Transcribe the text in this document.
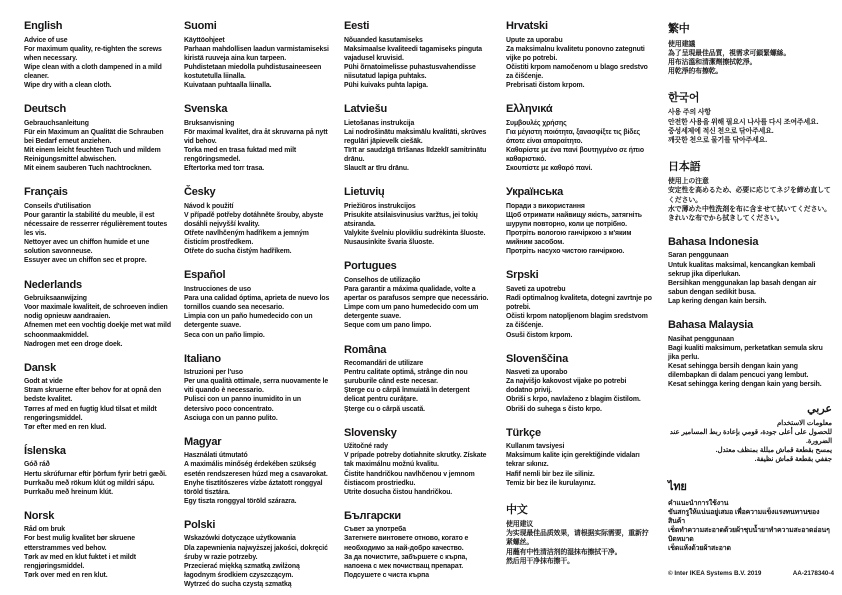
English

Advice of use

For maximum quality, re-tighten the screws when necessary.

Wipe clean with a cloth dampened in a mild cleaner.

Wipe dry with a clean cloth.

Deutsch

Gebrauchsanleitung

Für ein Maximum an Qualität die Schrauben bei Bedarf erneut anziehen.

Mit einem leicht feuchten Tuch und mildem Reinigungsmittel abwischen.

Mit einem sauberen Tuch nachtrocknen.

Français

Conseils d'utilisation

Pour garantir la stabilité du meuble, il est nécessaire de resserrer régulièrement toutes les vis.

Nettoyer avec un chiffon humide et une solution savonneuse.

Essuyer avec un chiffon sec et propre.

Nederlands

Gebruiksaanwijzing

Voor maximale kwaliteit, de schroeven indien nodig opnieuw aandraaien.

Afnemen met een vochtig doekje met wat mild schoonmaakmiddel.

Nadrogen met een droge doek.

Dansk

Godt at vide

Stram skruerne efter behov for at opnå den bedste kvalitet.

Tørres af med en fugtig klud tilsat et mildt rengøringsmiddel.

Tør efter med en ren klud.

Íslenska

Góð ráð

Hertu skrúfurnar eftir þörfum fyrir betri gæði.

Þurrkaðu með rökum klút og mildri sápu.

Þurrkaðu með hreinum klút.

Norsk

Råd om bruk

For best mulig kvalitet bør skruene etterstrammes ved behov.

Tørk av med en klut fuktet i et mildt rengjøringsmiddel.

Tørk over med en ren klut.

Suomi

Käyttöohjeet

Parhaan mahdollisen laadun varmistamiseksi kiristä ruuveja aina kun tarpeen.

Puhdistetaan miedolla puhdistusaineeseen kostutetulla liinalla.

Kuivataan puhtaalla liinalla.

Svenska

Bruksanvisning

För maximal kvalitet, dra åt skruvarna på nytt vid behov.

Torka med en trasa fuktad med milt rengöringsmedel.

Eftertorka med torr trasa.

Česky

Návod k použití

V případě potřeby dotáhněte šrouby, abyste dosáhli nejvyšší kvality.

Otřete navlhčeným hadříkem a jemným čisticím prostředkem.

Otřete do sucha čistým hadříkem.

Español

Instrucciones de uso

Para una calidad óptima, aprieta de nuevo los tornillos cuando sea necesario.

Limpia con un paño humedecido con un detergente suave.

Seca con un paño limpio.

Italiano

Istruzioni per l'uso

Per una qualità ottimale, serra nuovamente le viti quando è necessario.

Pulisci con un panno inumidito in un detersivo poco concentrato.

Asciuga con un panno pulito.

Magyar

Használati útmutató

A maximális minőség érdekében szükség esetén rendszeresen húzd meg a csavarokat.

Enyhe tisztítószeres vízbe áztatott ronggyal töröld tisztára.

Egy tiszta ronggyal töröld szárazra.

Polski

Wskazówki dotyczące użytkowania

Dla zapewnienia najwyższej jakości, dokręcić śruby w razie potrzeby.

Przecierać miękką szmatką zwilżoną łagodnym środkiem czyszczącym.

Wytrzeć do sucha czystą szmatką

Eesti

Nõuanded kasutamiseks

Maksimaalse kvaliteedi tagamiseks pinguta vajadusel kruvisid.

Pühi õrnatoimelisse puhastusvahendisse niisutatud lapiga puhtaks.

Pühi kuivaks puhta lapiga.

Latviešu

Lietošanas instrukcija

Lai nodrošinātu maksimālu kvalitāti, skrūves regulāri jāpievelk ciešāk.

Tīrīt ar saudzīgā tīrīšanas līdzeklī samitrinātu drānu.

Slaucīt ar tīru drānu.

Lietuvių

Priežiūros instrukcijos

Prisukite atsilaisvinusius varžtus, jei tokių atsiranda.

Valykite švelniu plovikliu sudrėkinta šluoste.

Nusausinkite švaria šluoste.

Portugues

Conselhos de utilização

Para garantir a máxima qualidade, volte a apertar os parafusos sempre que necessário.

Limpe com um pano humedecido com um detergente suave.

Seque com um pano limpo.

Româna

Recomandări de utilizare

Pentru calitate optimă, strânge din nou șuruburile când este necesar.

Șterge cu o cârpă înmuiată în detergent delicat pentru curățare.

Șterge cu o cârpă uscată.

Slovensky

Užitočné rady

V prípade potreby dotiahnite skrutky. Získate tak maximálnu možnú kvalitu.

Čistite handričkou navlhčenou v jemnom čistiacom prostriedku.

Utrite dosucha čistou handričkou.

Български

Съвет за употреба

Затегнете винтовете отново, когато е необходимо за най-добро качество.

За да почистите, забършете с кърпа, напоена с мек почистващ препарат.

Подсушете с чиста кърпа

Hrvatski

Upute za uporabu

Za maksimalnu kvalitetu ponovno zategnuti vijke po potrebi.

Očistiti krpom namočenom u blago sredstvo za čišćenje.

Prebrisati čistom krpom.

Ελληνικά

Συμβουλές χρήσης

Για μέγιστη ποιότητα, ξανασφίξτε τις βίδες όποτε είναι απαραίτητο.

Καθαρίστε με ένα πανί βουτηγμένο σε ήπιο καθαριστικό.

Σκουπίστε με καθαρό πανί.

Українська

Поради з використання

Щоб отримати найвищу якість, затягніть шурупи повторно, коли це потрібно.

Протріть вологою ганчіркою з м'яким мийним засобом.

Протріть насухо чистою ганчіркою.

Srpski

Saveti za upotrebu

Radi optimalnog kvaliteta, dotegni zavrtnje po potrebi.

Očisti krpom natopljenom blagim sredstvom za čišćenje.

Osuši čistom krpom.

Slovenščina

Nasveti za uporabo

Za najvišjo kakovost vijake po potrebi dodatno privij.

Obriši s krpo, navlaženo z blagim čistilom.

Obriši do suhega s čisto krpo.

Türkçe

Kullanım tavsiyesi

Maksimum kalite için gerektiğinde vidaları tekrar sıkınız.

Hafif nemli bir bez ile siliniz.

Temiz bir bez ile kurulayınız.

中文

使用建议

为实现最佳品质效果，请根据实际需要，重新拧紧螺丝。

用蘸有中性清洁剂的湿抹布擦拭干净。

然后用干净抹布擦干。

繁中

使用建議

為了呈現最佳品質，視需求可鎖緊螺絲。

用布沾溫和清潔劑擦拭乾淨。

用乾淨的布擦乾。

한국어

사용 주의 사항

안전한 사용을 위해 필요시 나사를 다시 조여주세요.

중성세제에 적신 천으로 닦아주세요.

깨끗한 천으로 물기를 닦아주세요.

日本語

使用上の注意

安定性を高めるため、必要に応じてネジを締め直してください。

水で薄めた中性洗剤を布に含ませて拭いてください。

きれいな布でから拭きしてください。

Bahasa Indonesia

Saran penggunaan

Untuk kualitas maksimal, kencangkan kembali sekrup jika diperlukan.

Bersihkan menggunakan lap basah dengan air sabun dengan sedikit busa.

Lap kering dengan kain bersih.

Bahasa Malaysia

Nasihat penggunaan

Bagi kualiti maksimum, perketatkan semula skru jika perlu.

Kesat sehingga bersih dengan kain yang dilembapkan di dalam pencuci yang lembut.

Kesat sehingga kering dengan kain yang bersih.

عربي

معلومات الاستخدام

للحصول على أعلى جودة، قومي بإعادة ربط المسامير عند الضرورة.

يمسح بقطعة قماش مبللة بمنظف معتدل.

جففي بقطعة قماش نظيفة.

ไทย

คำแนะนำการใช้งาน

ขันสกรูให้แน่นอยู่เสมอ เพื่อความแข็งแรงทนทานของสินค้า

เช็ดทำความสะอาดด้วยผ้าชุบน้ำยาทำความสะอาดอ่อนๆ บิดหมาด

เช็ดแห้งด้วยผ้าสะอาด

© Inter IKEA Systems B.V. 2019	AA-2178340-4
